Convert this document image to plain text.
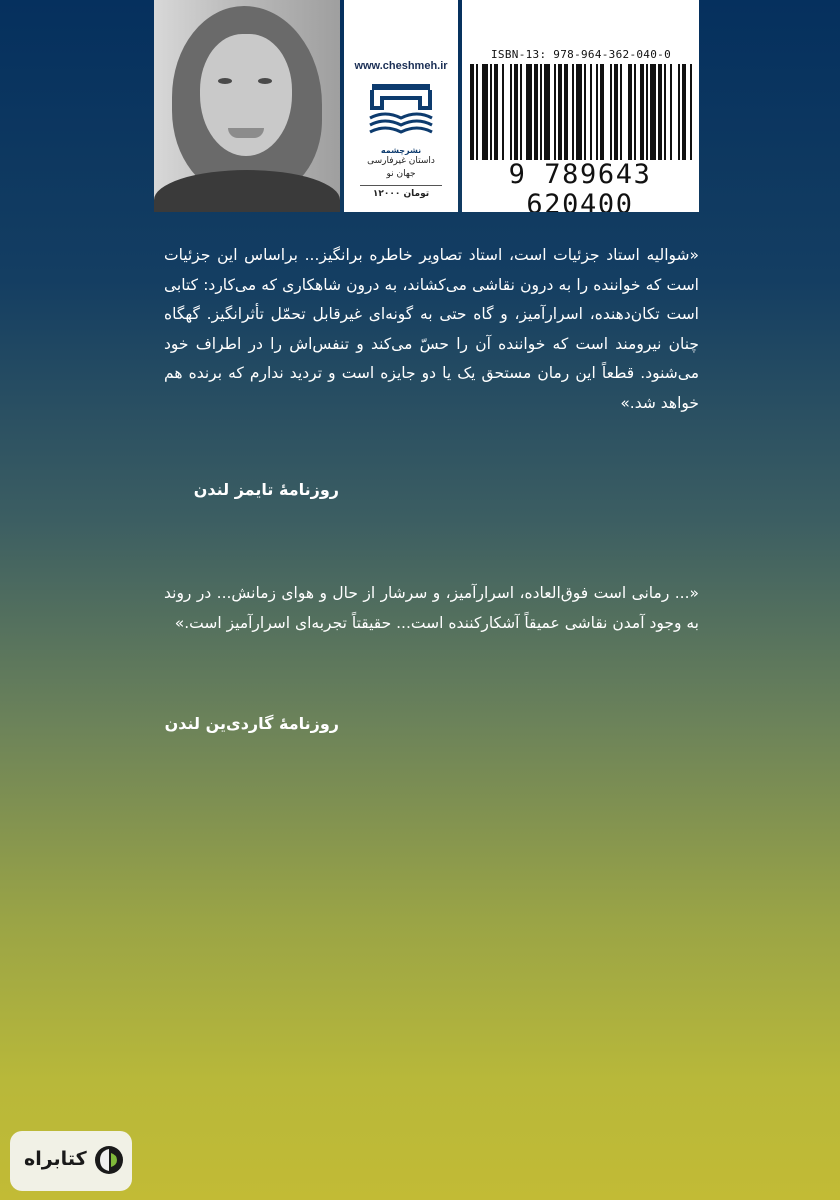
www.cheshmeh.ir
نشرچشمه
داستان غیرفارسی
جهان نو
۱۲۰۰۰ تومان
ISBN-13: 978-964-362-040-0
9 789643 620400
«شوالیه استاد جزئیات است، استاد تصاویر خاطره برانگیز... براساس این جزئیات است که خواننده را به درون نقاشی می‌کشاند، به درون شاهکاری که می‌کارد: کتابی است تکان‌دهنده، اسرارآمیز، و گاه حتی به گونه‌ای غیرقابل تحمّل تأثرانگیز. گهگاه چنان نیرومند است که خواننده آن را حسّ می‌کند و تنفس‌اش را در اطراف خود می‌شنود. قطعاً این رمان مستحق یک یا دو جایزه است و تردید ندارم که برنده هم خواهد شد.»
روزنامهٔ تایمز لندن
«... رمانی است فوق‌العاده، اسرارآمیز، و سرشار از حال و هوای زمانش... در روند به وجود آمدن نقاشی عمیقاً آشکارکننده است... حقیقتاً تجربه‌ای اسرارآمیز است.»
روزنامهٔ گاردی‌ین لندن
کتابراه
